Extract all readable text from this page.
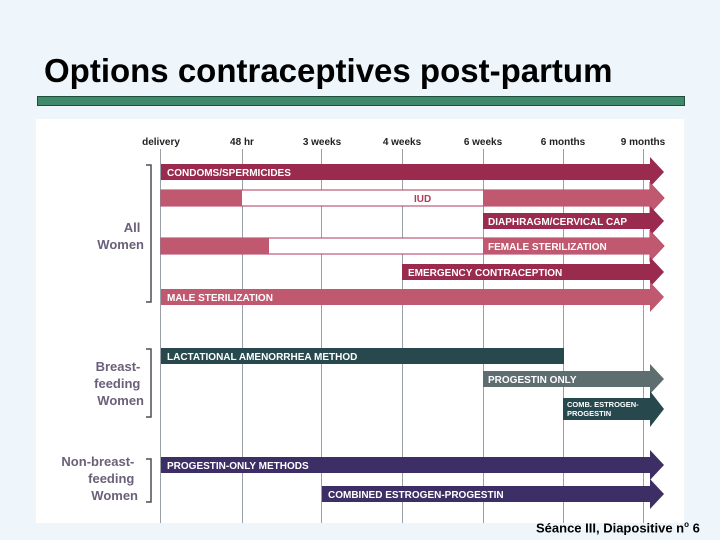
Options contraceptives post-partum
delivery	48 hr	3 weeks	4 weeks	6 weeks	6 months	9 months
All Women
Breast- feeding Women
Non-breast- feeding Women
CONDOMS/SPERMICIDES
IUD
DIAPHRAGM/CERVICAL CAP
FEMALE STERILIZATION
EMERGENCY CONTRACEPTION
MALE STERILIZATION
LACTATIONAL AMENORRHEA METHOD
PROGESTIN ONLY
COMB. ESTROGEN- PROGESTIN
PROGESTIN-ONLY METHODS
COMBINED ESTROGEN-PROGESTIN
Séance III, Diapositive $n^o$ 6
